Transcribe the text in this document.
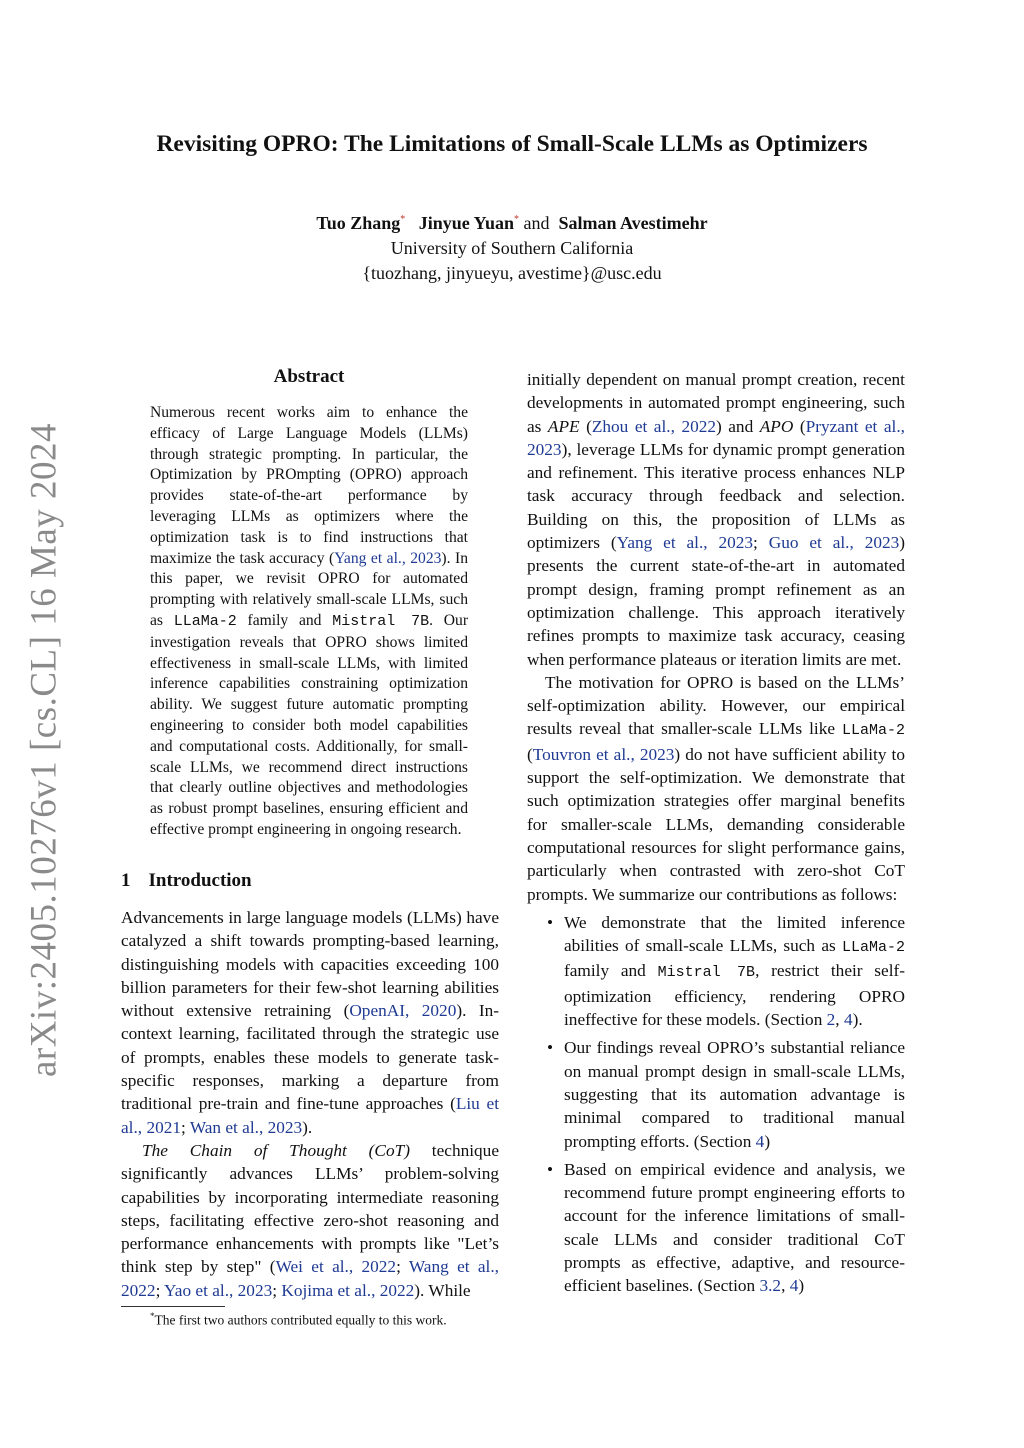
arXiv:2405.10276v1 [cs.CL] 16 May 2024
Revisiting OPRO: The Limitations of Small-Scale LLMs as Optimizers
Tuo Zhang* Jinyue Yuan* and Salman Avestimehr
University of Southern California
{tuozhang, jinyueyu, avestime}@usc.edu
Abstract
Numerous recent works aim to enhance the efficacy of Large Language Models (LLMs) through strategic prompting. In particular, the Optimization by PROmpting (OPRO) approach provides state-of-the-art performance by leveraging LLMs as optimizers where the optimization task is to find instructions that maximize the task accuracy (Yang et al., 2023). In this paper, we revisit OPRO for automated prompting with relatively small-scale LLMs, such as LLaMa-2 family and Mistral 7B. Our investigation reveals that OPRO shows limited effectiveness in small-scale LLMs, with limited inference capabilities constraining optimization ability. We suggest future automatic prompting engineering to consider both model capabilities and computational costs. Additionally, for small-scale LLMs, we recommend direct instructions that clearly outline objectives and methodologies as robust prompt baselines, ensuring efficient and effective prompt engineering in ongoing research.
1 Introduction

Advancements in large language models (LLMs) have catalyzed a shift towards prompting-based learning, distinguishing models with capacities exceeding 100 billion parameters for their few-shot learning abilities without extensive retraining (OpenAI, 2020). In-context learning, facilitated through the strategic use of prompts, enables these models to generate task-specific responses, marking a departure from traditional pre-train and fine-tune approaches (Liu et al., 2021; Wan et al., 2023).

The Chain of Thought (CoT) technique significantly advances LLMs’ problem-solving capabilities by incorporating intermediate reasoning steps, facilitating effective zero-shot reasoning and performance enhancements with prompts like "Let’s think step by step" (Wei et al., 2022; Wang et al., 2022; Yao et al., 2023; Kojima et al., 2022). While

*The first two authors contributed equally to this work.

initially dependent on manual prompt creation, recent developments in automated prompt engineering, such as APE (Zhou et al., 2022) and APO (Pryzant et al., 2023), leverage LLMs for dynamic prompt generation and refinement. This iterative process enhances NLP task accuracy through feedback and selection. Building on this, the proposition of LLMs as optimizers (Yang et al., 2023; Guo et al., 2023) presents the current state-of-the-art in automated prompt design, framing prompt refinement as an optimization challenge. This approach iteratively refines prompts to maximize task accuracy, ceasing when performance plateaus or iteration limits are met.

The motivation for OPRO is based on the LLMs’ self-optimization ability. However, our empirical results reveal that smaller-scale LLMs like LLaMa-2 (Touvron et al., 2023) do not have sufficient ability to support the self-optimization. We demonstrate that such optimization strategies offer marginal benefits for smaller-scale LLMs, demanding considerable computational resources for slight performance gains, particularly when contrasted with zero-shot CoT prompts. We summarize our contributions as follows:

• We demonstrate that the limited inference abilities of small-scale LLMs, such as LLaMa-2 family and Mistral 7B, restrict their self-optimization efficiency, rendering OPRO ineffective for these models. (Section 2, 4).
• Our findings reveal OPRO’s substantial reliance on manual prompt design in small-scale LLMs, suggesting that its automation advantage is minimal compared to traditional manual prompting efforts. (Section 4)
• Based on empirical evidence and analysis, we recommend future prompt engineering efforts to account for the inference limitations of small-scale LLMs and consider traditional CoT prompts as effective, adaptive, and resource-efficient baselines. (Section 3.2, 4)
